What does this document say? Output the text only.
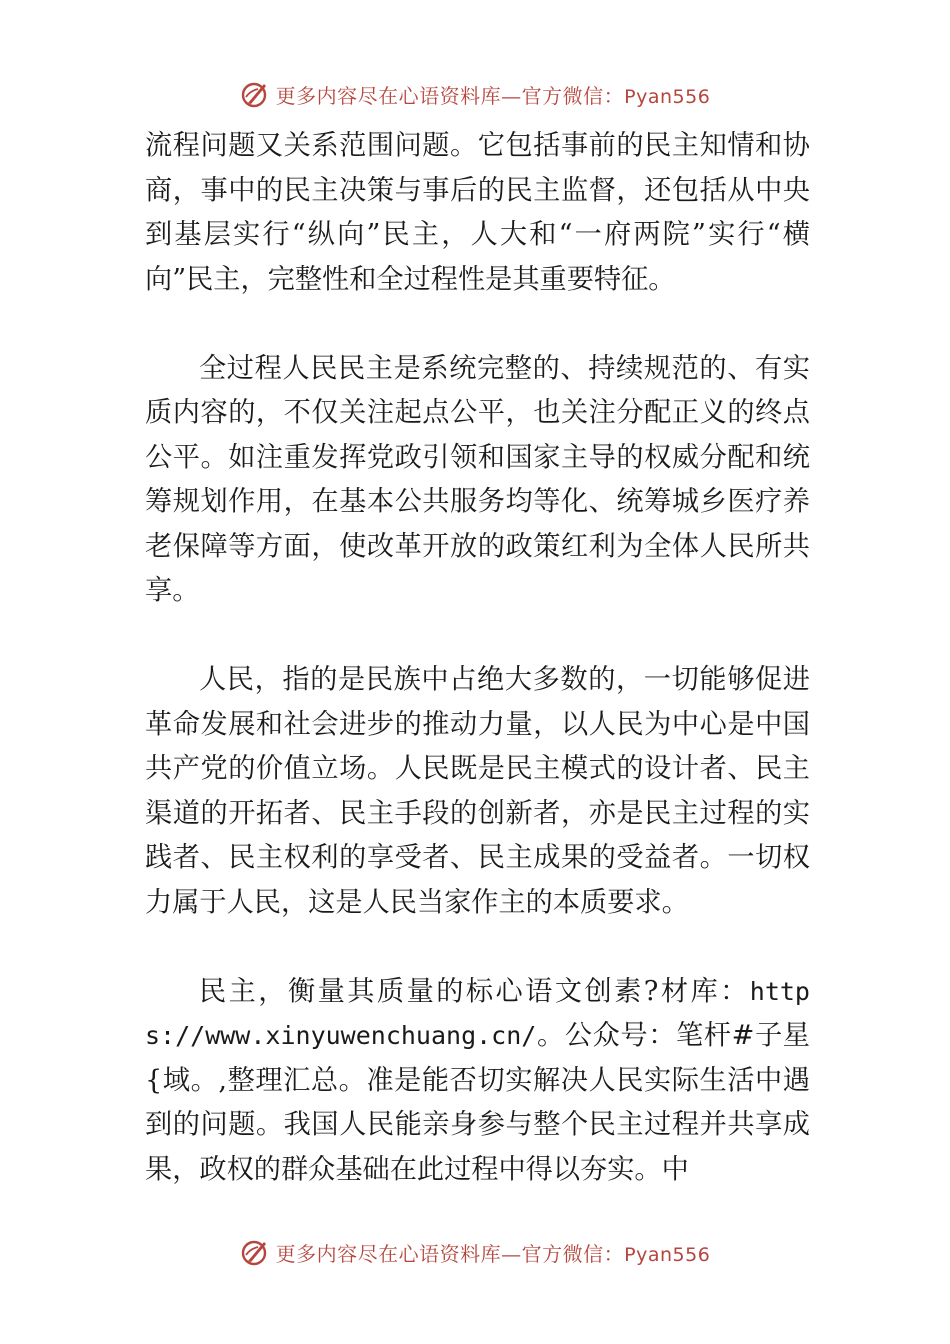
更多内容尽在心语资料库—官方微信：Pyan556

流程问题又关系范围问题。它包括事前的民主知情和协商，事中的民主决策与事后的民主监督，还包括从中央到基层实行“纵向”民主，人大和“一府两院”实行“横向”民主，完整性和全过程性是其重要特征。

全过程人民民主是系统完整的、持续规范的、有实质内容的，不仅关注起点公平，也关注分配正义的终点公平。如注重发挥党政引领和国家主导的权威分配和统筹规划作用，在基本公共服务均等化、统筹城乡医疗养老保障等方面，使改革开放的政策红利为全体人民所共享。

人民，指的是民族中占绝大多数的，一切能够促进革命发展和社会进步的推动力量，以人民为中心是中国共产党的价值立场。人民既是民主模式的设计者、民主渠道的开拓者、民主手段的创新者，亦是民主过程的实践者、民主权利的享受者、民主成果的受益者。一切权力属于人民，这是人民当家作主的本质要求。

民主，衡量其质量的标心语文创素?材库：https://www.xinyuwenchuang.cn/。公众号：笔杆#子星{域。,整理汇总。准是能否切实解决人民实际生活中遇到的问题。我国人民能亲身参与整个民主过程并共享成果，政权的群众基础在此过程中得以夯实。中

更多内容尽在心语资料库—官方微信：Pyan556
